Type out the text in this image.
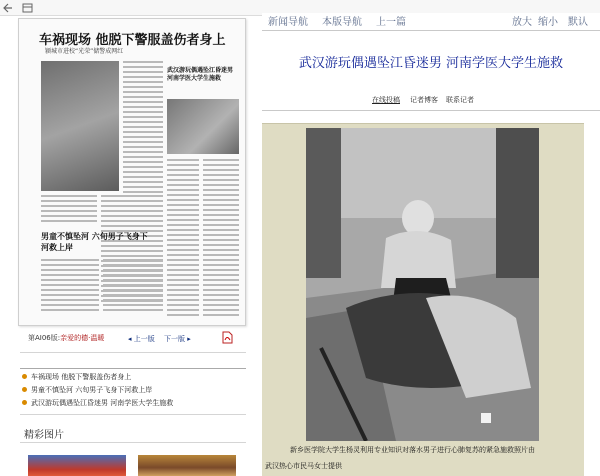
新闻导航 本版导航 上一篇	放大 缩小 默认
车祸现场 他脱下警服盖伤者身上
颍城市进校“光荣”储警成网红
武汉游玩偶遇坠江昏迷男 河南学医大学生施救
男童不慎坠河 六旬男子飞身下河救上岸
第AI06版:亲爱的德·温暖	◂ 上一版 下一版 ▸
车祸现场 他脱下警服盖伤者身上
男童不慎坠河 六旬男子飞身下河救上岸
武汉游玩偶遇坠江昏迷男 河南学医大学生施救
精彩图片
武汉游玩偶遇坠江昏迷男 河南学医大学生施救
在线投稿 记者博客 联系记者
新乡医学院大学生杨灵利用专业知识对落水男子进行心肺复苏的紧急施救照片由
武汉热心市民马女士提供
